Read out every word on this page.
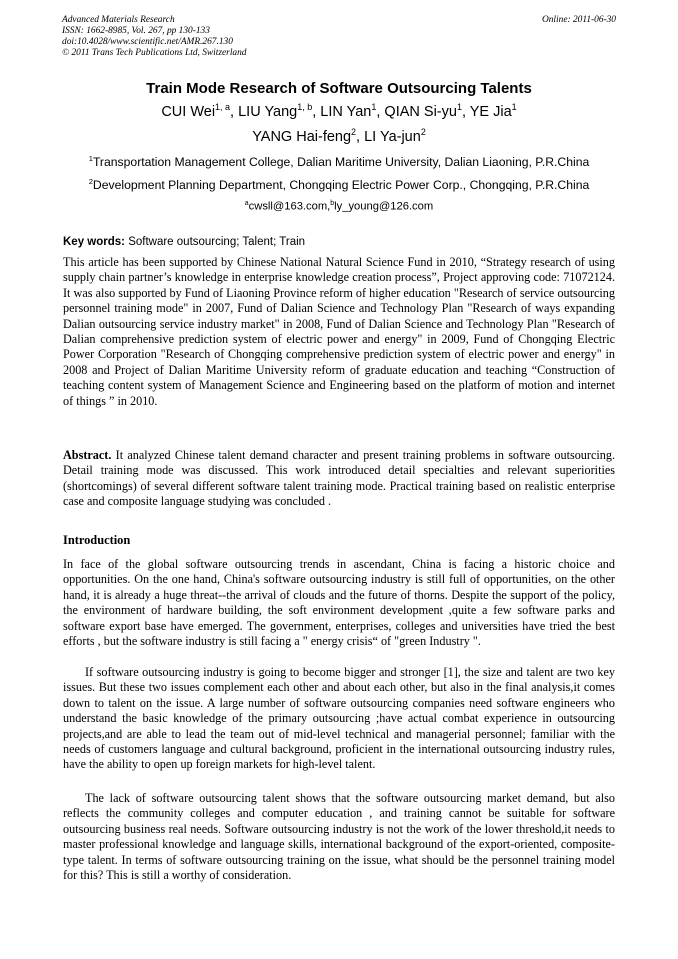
Advanced Materials Research
ISSN: 1662-8985, Vol. 267, pp 130-133
doi:10.4028/www.scientific.net/AMR.267.130
© 2011 Trans Tech Publications Ltd, Switzerland
Online: 2011-06-30
Train Mode Research of Software Outsourcing Talents
CUI Wei$^{1, a}$, LIU Yang$^{1, b}$, LIN Yan$^1$, QIAN $Si-yu^1$, YE Jia$^1$
YANG Hai-feng$^2$, LI Ya-jun$^2$
$^1$Transportation Management College, Dalian Maritime University, Dalian Liaoning, P.R.China
$^2$Development Planning Department, Chongqing Electric Power Corp., Chongqing, P.R.China
$^a$cwsll@163.com,$^b$ly_young@126.com
Key words: Software outsourcing; Talent; Train
This article has been supported by Chinese National Natural Science Fund in 2010, “Strategy research of using supply chain partner’s knowledge in enterprise knowledge creation process”, Project approving code: 71072124. It was also supported by Fund of Liaoning Province reform of higher education "Research of service outsourcing personnel training mode" in 2007, Fund of Dalian Science and Technology Plan "Research of ways expanding Dalian outsourcing service industry market" in 2008, Fund of Dalian Science and Technology Plan "Research of Dalian comprehensive prediction system of electric power and energy" in 2009, Fund of Chongqing Electric Power Corporation "Research of Chongqing comprehensive prediction system of electric power and energy" in 2008 and Project of Dalian Maritime University reform of graduate education and teaching “Construction of teaching content system of Management Science and Engineering based on the platform of motion and internet of things ” in 2010.
Abstract. It analyzed Chinese talent demand character and present training problems in software outsourcing. Detail training mode was discussed. This work introduced detail specialties and relevant superiorities (shortcomings) of several different software talent training mode. Practical training based on realistic enterprise case and composite language studying was concluded .
Introduction
In face of the global software outsourcing trends in ascendant, China is facing a historic choice and opportunities. On the one hand, China's software outsourcing industry is still full of opportunities, on the other hand, it is already a huge threat--the arrival of clouds and the future of thorns. Despite the support of the policy, the environment of hardware building, the soft environment development ,quite a few software parks and software export base have emerged. The government, enterprises, colleges and universities have tried the best efforts , but the software industry is still facing a " energy crisis“ of "green Industry ".
If software outsourcing industry is going to become bigger and stronger [1], the size and talent are two key issues. But these two issues complement each other and about each other, but also in the final analysis,it comes down to talent on the issue. A large number of software outsourcing companies need software engineers who understand the basic knowledge of the primary outsourcing ;have actual combat experience in outsourcing projects,and are able to lead the team out of mid-level technical and managerial personnel; familiar with the needs of customers language and cultural background, proficient in the international outsourcing industry rules, have the ability to open up foreign markets for high-level talent.
The lack of software outsourcing talent shows that the software outsourcing market demand, but also reflects the community colleges and computer education , and training cannot be suitable for software outsourcing business real needs. Software outsourcing industry is not the work of the lower threshold,it needs to master professional knowledge and language skills, international background of the export-oriented, composite-type talent. In terms of software outsourcing training on the issue, what should be the personnel training model for this? This is still a worthy of consideration.
